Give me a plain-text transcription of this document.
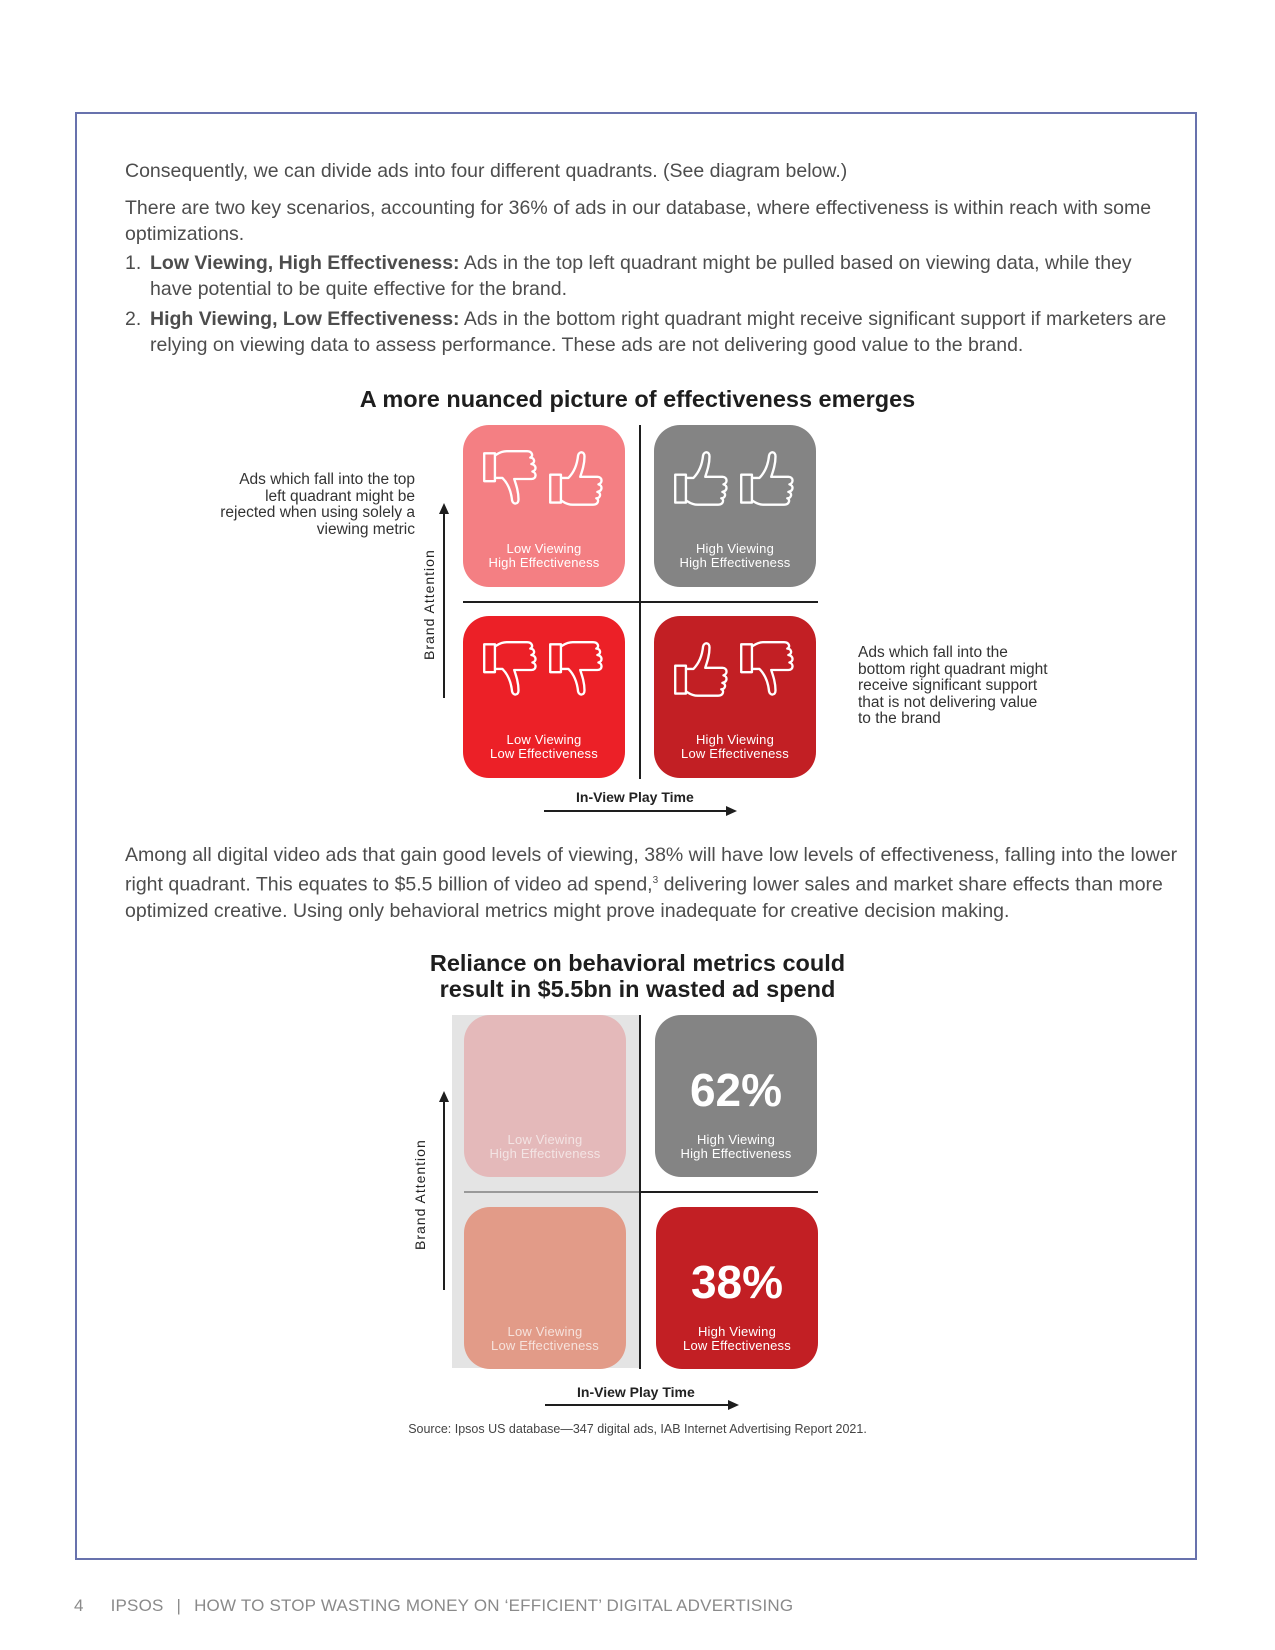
Consequently, we can divide ads into four different quadrants. (See diagram below.)
There are two key scenarios, accounting for 36% of ads in our database, where effectiveness is within reach with some optimizations.
1. Low Viewing, High Effectiveness: Ads in the top left quadrant might be pulled based on viewing data, while they have potential to be quite effective for the brand.
2. High Viewing, Low Effectiveness: Ads in the bottom right quadrant might receive significant support if marketers are relying on viewing data to assess performance. These ads are not delivering good value to the brand.
A more nuanced picture of effectiveness emerges
Ads which fall into the top left quadrant might be rejected when using solely a viewing metric
Ads which fall into the bottom right quadrant might receive significant support that is not delivering value to the brand
Brand Attention
Low Viewing
High Effectiveness
High Viewing
High Effectiveness
Low Viewing
Low Effectiveness
High Viewing
Low Effectiveness
In-View Play Time
Among all digital video ads that gain good levels of viewing, 38% will have low levels of effectiveness, falling into the lower right quadrant. This equates to $5.5 billion of video ad spend,$^3$ delivering lower sales and market share effects than more optimized creative. Using only behavioral metrics might prove inadequate for creative decision making.
Reliance on behavioral metrics could
result in $5.5bn in wasted ad spend
Brand Attention	Low Viewing
High Effectiveness
62%
High Viewing
High Effectiveness
Low Viewing
Low Effectiveness
38%
High Viewing
Low Effectiveness
In-View Play Time
Source: Ipsos US database—347 digital ads, IAB Internet Advertising Report 2021.
4 IPSOS | HOW TO STOP WASTING MONEY ON ‘EFFICIENT’ DIGITAL ADVERTISING
